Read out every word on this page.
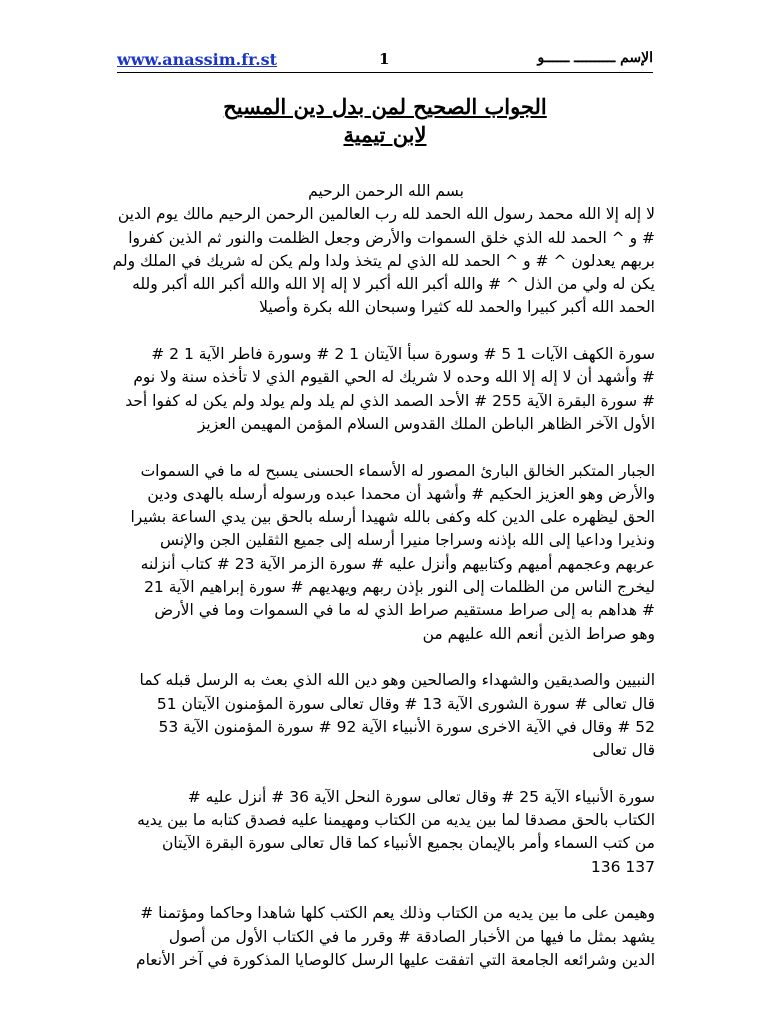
www.anassim.fr.st	1	الإسم ــــــــــ ــــــو
الجواب الصحيح لمن بدل دين المسيح
لابن تيمية

بسم الله الرحمن الرحيم

لا إله إلا الله محمد رسول الله الحمد لله رب العالمين الرحمن الرحيم مالك يوم الدين

# و ^ الحمد لله الذي خلق السموات والأرض وجعل الظلمت والنور ثم الذين كفروا

بربهم يعدلون ^ # و ^ الحمد لله الذي لم يتخذ ولدا ولم يكن له شريك في الملك ولم

يكن له ولي من الذل ^ # والله أكبر الله أكبر لا إله إلا الله والله أكبر الله أكبر ولله

الحمد الله أكبر كبيرا والحمد لله كثيرا وسبحان الله بكرة وأصيلا

سورة الكهف الآيات 1 5 # وسورة سبأ الآيتان 1 2 # وسورة فاطر الآية 1 2 #

# وأشهد أن لا إله إلا الله وحده لا شريك له الحي القيوم الذي لا تأخذه سنة ولا نوم

# سورة البقرة الآية 255 # الأحد الصمد الذي لم يلد ولم يولد ولم يكن له كفوا أحد

الأول الآخر الظاهر الباطن الملك القدوس السلام المؤمن المهيمن العزيز

الجبار المتكبر الخالق البارئ المصور له الأسماء الحسنى يسبح له ما في السموات

والأرض وهو العزيز الحكيم # وأشهد أن محمدا عبده ورسوله أرسله بالهدى ودين

الحق ليظهره على الدين كله وكفى بالله شهيدا أرسله بالحق بين يدي الساعة بشيرا

ونذيرا وداعيا إلى الله بإذنه وسراجا منيرا أرسله إلى جميع الثقلين الجن والإنس

عربهم وعجمهم أميهم وكتابيهم وأنزل عليه # سورة الزمر الآية 23 # كتاب أنزلنه

ليخرج الناس من الظلمات إلى النور بإذن ربهم ويهديهم # سورة إبراهيم الآية 21

# هداهم به إلى صراط مستقيم صراط الذي له ما في السموات وما في الأرض

وهو صراط الذين أنعم الله عليهم من

النبيين والصديقين والشهداء والصالحين وهو دين الله الذي بعث به الرسل قبله كما

قال تعالى # سورة الشورى الآية 13 # وقال تعالى سورة المؤمنون الآيتان 51

52 # وقال في الآية الاخرى سورة الأنبياء الآية 92 # سورة المؤمنون الآية 53

قال تعالى

سورة الأنبياء الآية 25 # وقال تعالى سورة النحل الآية 36 # أنزل عليه #

الكتاب بالحق مصدقا لما بين يديه من الكتاب ومهيمنا عليه فصدق كتابه ما بين يديه

من كتب السماء وأمر بالإيمان بجميع الأنبياء كما قال تعالى سورة البقرة الآيتان

137 136

وهيمن على ما بين يديه من الكتاب وذلك يعم الكتب كلها شاهدا وحاكما ومؤتمنا #

يشهد بمثل ما فيها من الأخبار الصادقة # وقرر ما في الكتاب الأول من أصول

الدين وشرائعه الجامعة التي اتفقت عليها الرسل كالوصايا المذكورة في آخر الأنعام
